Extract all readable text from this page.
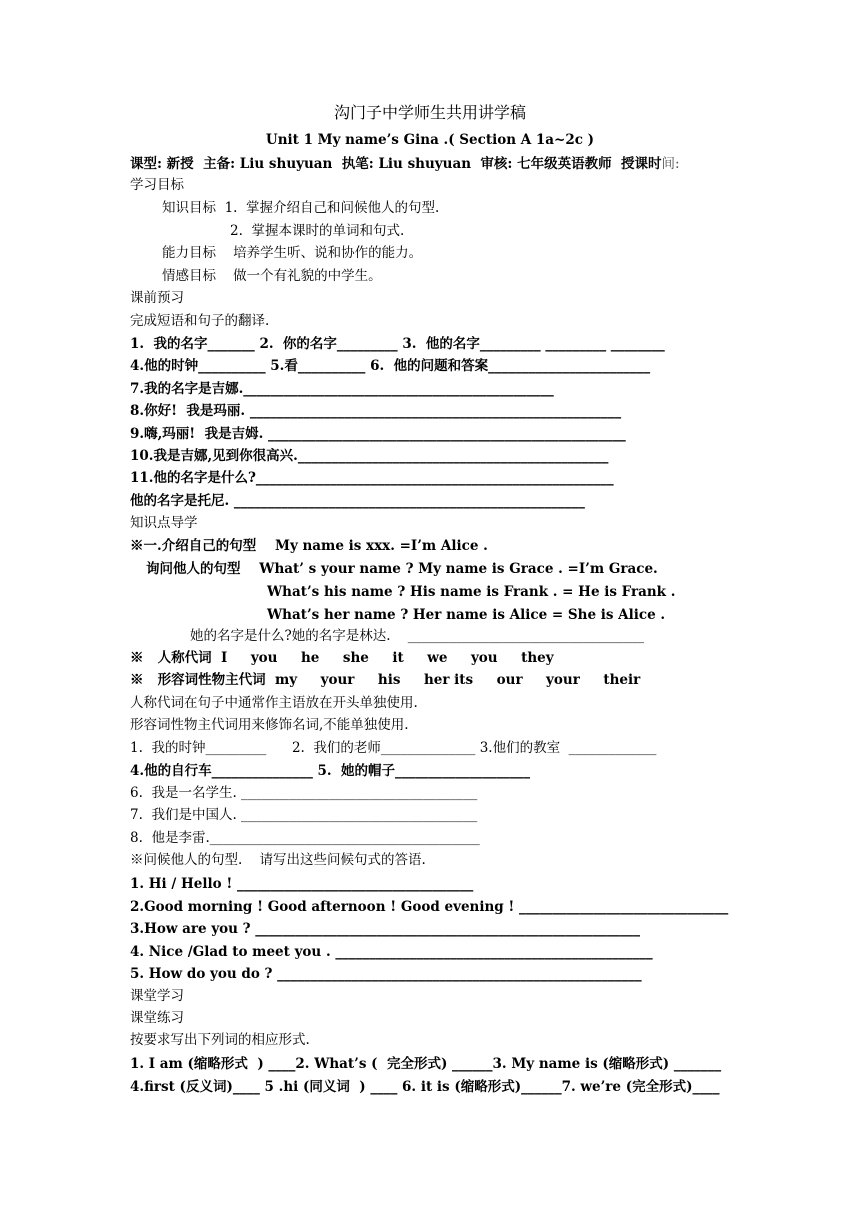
沟门子中学师生共用讲学稿
Unit 1 My name’s Gina .( Section A 1a~2c )
课型: 新授  主备: Liu shuyuan  执笔: Liu shuyuan  审核: 七年级英语教师  授课时间:
学习目标
知识目标  1.  掌握介绍自己和问候他人的句型.
2.  掌握本课时的单词和句式.
能力目标    培养学生听、说和协作的能力。
情感目标    做一个有礼貌的中学生。
课前预习
完成短语和句子的翻译.
1.  我的名字_______ 2.  你的名字_________ 3.  他的名字_________ _________ ________
4.他的时钟__________ 5.看__________ 6.  他的问题和答案________________________
7.我的名字是吉娜.______________________________________________
8.你好!  我是玛丽. _______________________________________________________
9.嗨,玛丽!  我是吉姆. _____________________________________________________
10.我是吉娜,见到你很高兴.______________________________________________
11.他的名字是什么?_____________________________________________________
他的名字是托尼. ____________________________________________________
知识点导学
※一.介绍自己的句型    My name is xxx. =I’m Alice .
询问他人的句型    What’ s your name ? My name is Grace . =I’m Grace.
What’s his name ? His name is Frank . = He is Frank .
What’s her name ? Her name is Alice = She is Alice .
她的名字是什么?她的名字是林达.    ___________________________________
※   人称代词  I     you     he     she     it     we     you     they
※   形容词性物主代词  my     your     his     her its     our     your     their
人称代词在句子中通常作主语放在开头单独使用.
形容词性物主代词用来修饰名词,不能单独使用.
1.  我的时钟_________      2.  我们的老师______________ 3.他们的教室  _____________
4.他的自行车_______________ 5.  她的帽子____________________
6.  我是一名学生. ___________________________________
7.  我们是中国人. ___________________________________
8.  他是李雷.________________________________________
※问候他人的句型.    请写出这些问候句式的答语.
1. Hi / Hello ! ___________________________________
2.Good morning ! Good afternoon ! Good evening ! _______________________________
3.How are you ? _________________________________________________________
4. Nice /Glad to meet you . _______________________________________________
5. How do you do ? ______________________________________________________
课堂学习
课堂练习
按要求写出下列词的相应形式.
1. I am (缩略形式  ) ____2. What’s (  完全形式) ______3. My name is (缩略形式) _______
4.first (反义词)____ 5 .hi (同义词  ) ____ 6. it is (缩略形式)______7. we’re (完全形式)____
